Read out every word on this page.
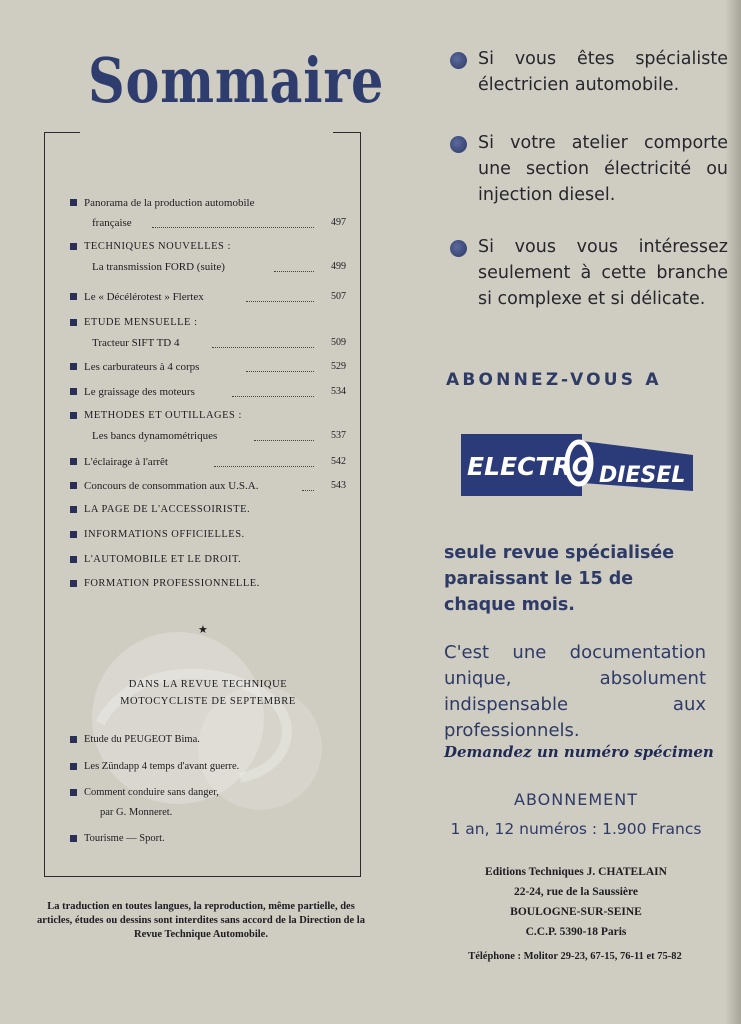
Sommaire
Panorama de la production automobile
française	497
TECHNIQUES NOUVELLES :
La transmission FORD (suite)	499
Le « Décélérotest » Flertex	507
ETUDE MENSUELLE :
Tracteur SIFT TD 4	509
Les carburateurs à 4 corps	529
Le graissage des moteurs	534
METHODES ET OUTILLAGES :
Les bancs dynamométriques	537
L'éclairage à l'arrêt	542
Concours de consommation aux U.S.A.	543
LA PAGE DE L'ACCESSOIRISTE.
INFORMATIONS OFFICIELLES.
L'AUTOMOBILE ET LE DROIT.
FORMATION PROFESSIONNELLE.
★
DANS LA REVUE TECHNIQUE
MOTOCYCLISTE DE SEPTEMBRE
Etude du PEUGEOT Bima.
Les Zündapp 4 temps d'avant guerre.
Comment conduire sans danger,
par G. Monneret.
Tourisme — Sport.
La traduction en toutes langues, la reproduction, même partielle, des articles, études ou dessins sont interdites sans accord de la Direction de la Revue Technique Automobile.
Si vous êtes spécialiste électricien automobile.
Si votre atelier comporte une section électricité ou injection diesel.
Si vous vous intéressez seulement à cette branche si complexe et si délicate.
ABONNEZ-VOUS A
ELECTRO DIESEL
seule revue spécialisée paraissant le 15 de chaque mois.
C'est une documentation unique, absolument indispensable aux professionnels.
Demandez un numéro spécimen
ABONNEMENT
1 an, 12 numéros : 1.900 Francs
Editions Techniques J. CHATELAIN
22-24, rue de la Saussière
BOULOGNE-SUR-SEINE
C.C.P. 5390-18 Paris
Téléphone : Molitor 29-23, 67-15, 76-11 et 75-82
